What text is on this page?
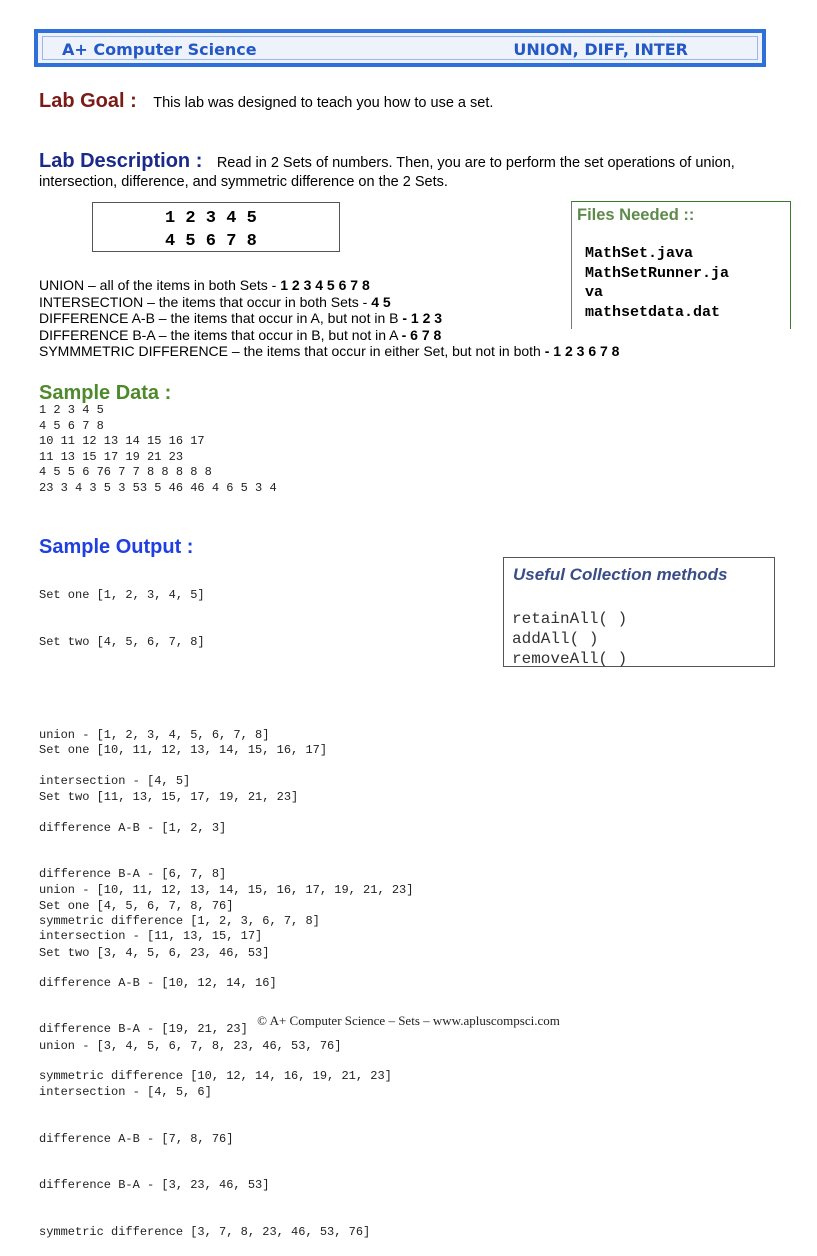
A+ Computer Science	UNION, DIFF, INTER
Lab Goal : This lab was designed to teach you how to use a set.
Lab Description : Read in 2 Sets of numbers. Then, you are to perform the set operations of union,
intersection, difference, and symmetric difference on the 2 Sets.
1 2 3 4 5
4 5 6 7 8
Files Needed ::
MathSet.java
MathSetRunner.ja
va
mathsetdata.dat
UNION – all of the items in both Sets - 1 2 3 4 5 6 7 8
INTERSECTION – the items that occur in both Sets - 4 5
DIFFERENCE A-B – the items that occur in A, but not in B - 1 2 3
DIFFERENCE B-A – the items that occur in B, but not in A - 6 7 8
SYMMMETRIC DIFFERENCE – the items that occur in either Set, but not in both - 1 2 3 6 7 8
Sample Data :
1 2 3 4 5
4 5 6 7 8
10 11 12 13 14 15 16 17
11 13 15 17 19 21 23
4 5 5 6 76 7 7 8 8 8 8 8
23 3 4 3 5 3 53 5 46 46 4 6 5 3 4
Sample Output :

Set one [1, 2, 3, 4, 5]

Set two [4, 5, 6, 7, 8]

union - [1, 2, 3, 4, 5, 6, 7, 8]

intersection - [4, 5]

difference A-B - [1, 2, 3]

difference B-A - [6, 7, 8]

symmetric difference [1, 2, 3, 6, 7, 8]

Set one [10, 11, 12, 13, 14, 15, 16, 17]

Set two [11, 13, 15, 17, 19, 21, 23]

union - [10, 11, 12, 13, 14, 15, 16, 17, 19, 21, 23]

intersection - [11, 13, 15, 17]

difference A-B - [10, 12, 14, 16]

difference B-A - [19, 21, 23]

symmetric difference [10, 12, 14, 16, 19, 21, 23]

Set one [4, 5, 6, 7, 8, 76]

Set two [3, 4, 5, 6, 23, 46, 53]

union - [3, 4, 5, 6, 7, 8, 23, 46, 53, 76]

intersection - [4, 5, 6]

difference A-B - [7, 8, 76]

difference B-A - [3, 23, 46, 53]

symmetric difference [3, 7, 8, 23, 46, 53, 76]

Useful Collection methods
retainAll( )
addAll( )
removeAll( )
© A+ Computer Science – Sets – www.apluscompsci.com
